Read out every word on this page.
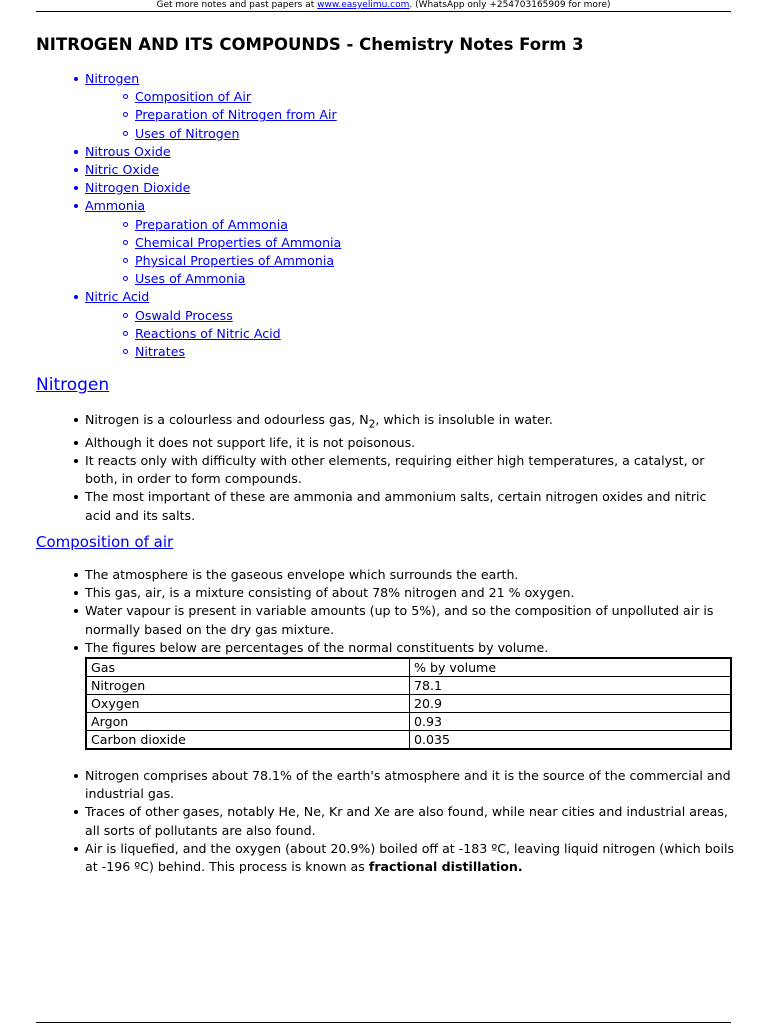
Get more notes and past papers at www.easyelimu.com. (WhatsApp only +254703165909 for more)
NITROGEN AND ITS COMPOUNDS - Chemistry Notes Form 3
Nitrogen
Composition of Air
Preparation of Nitrogen from Air
Uses of Nitrogen
Nitrous Oxide
Nitric Oxide
Nitrogen Dioxide
Ammonia
Preparation of Ammonia
Chemical Properties of Ammonia
Physical Properties of Ammonia
Uses of Ammonia
Nitric Acid
Oswald Process
Reactions of Nitric Acid
Nitrates
Nitrogen
Nitrogen is a colourless and odourless gas, $N_2$, which is insoluble in water.
Although it does not support life, it is not poisonous.
It reacts only with difficulty with other elements, requiring either high temperatures, a catalyst, or both, in order to form compounds.
The most important of these are ammonia and ammonium salts, certain nitrogen oxides and nitric acid and its salts.
Composition of air
The atmosphere is the gaseous envelope which surrounds the earth.
This gas, air, is a mixture consisting of about 78% nitrogen and 21 % oxygen.
Water vapour is present in variable amounts (up to 5%), and so the composition of unpolluted air is normally based on the dry gas mixture.
The figures below are percentages of the normal constituents by volume.
Gas	% by volume
Nitrogen	78.1
Oxygen	20.9
Argon	0.93
Carbon dioxide	0.035
Nitrogen comprises about 78.1% of the earth's atmosphere and it is the source of the commercial and industrial gas.
Traces of other gases, notably He, Ne, Kr and Xe are also found, while near cities and industrial areas, all sorts of pollutants are also found.
Air is liquefied, and the oxygen (about 20.9%) boiled off at -183 ºC, leaving liquid nitrogen (which boils at -196 ºC) behind. This process is known as fractional distillation.
